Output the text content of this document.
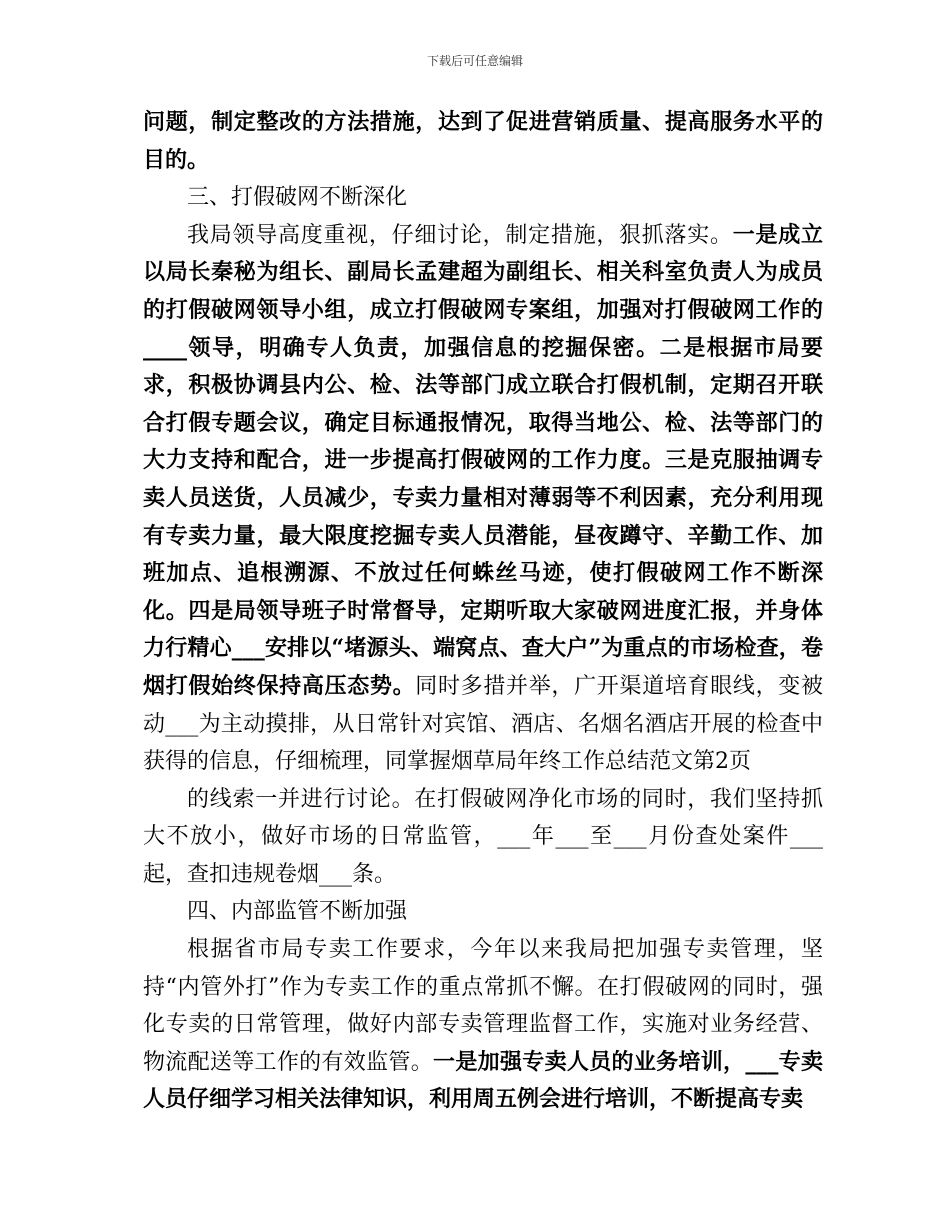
下载后可任意编辑

问题，制定整改的方法措施，达到了促进营销质量、提高服务水平的目的。

三、打假破网不断深化

我局领导高度重视，仔细讨论，制定措施，狠抓落实。一是成立以局长秦秘为组长、副局长孟建超为副组长、相关科室负责人为成员的打假破网领导小组，成立打假破网专案组，加强对打假破网工作的____领导，明确专人负责，加强信息的挖掘保密。二是根据市局要求，积极协调县内公、检、法等部门成立联合打假机制，定期召开联合打假专题会议，确定目标通报情况，取得当地公、检、法等部门的大力支持和配合，进一步提高打假破网的工作力度。三是克服抽调专卖人员送货，人员减少，专卖力量相对薄弱等不利因素，充分利用现有专卖力量，最大限度挖掘专卖人员潜能，昼夜蹲守、辛勤工作、加班加点、追根溯源、不放过任何蛛丝马迹，使打假破网工作不断深化。四是局领导班子时常督导，定期听取大家破网进度汇报，并身体力行精心___安排以“堵源头、端窝点、查大户”为重点的市场检查，卷烟打假始终保持高压态势。同时多措并举，广开渠道培育眼线，变被动___为主动摸排，从日常针对宾馆、酒店、名烟名酒店开展的检查中获得的信息，仔细梳理，同掌握烟草局年终工作总结范文第2页

的线索一并进行讨论。在打假破网净化市场的同时，我们坚持抓大不放小，做好市场的日常监管，___年___至___月份查处案件___起，查扣违规卷烟___条。

四、内部监管不断加强

根据省市局专卖工作要求，今年以来我局把加强专卖管理，坚持“内管外打”作为专卖工作的重点常抓不懈。在打假破网的同时，强化专卖的日常管理，做好内部专卖管理监督工作，实施对业务经营、物流配送等工作的有效监管。一是加强专卖人员的业务培训，___专卖人员仔细学习相关法律知识，利用周五例会进行培训，不断提高专卖
